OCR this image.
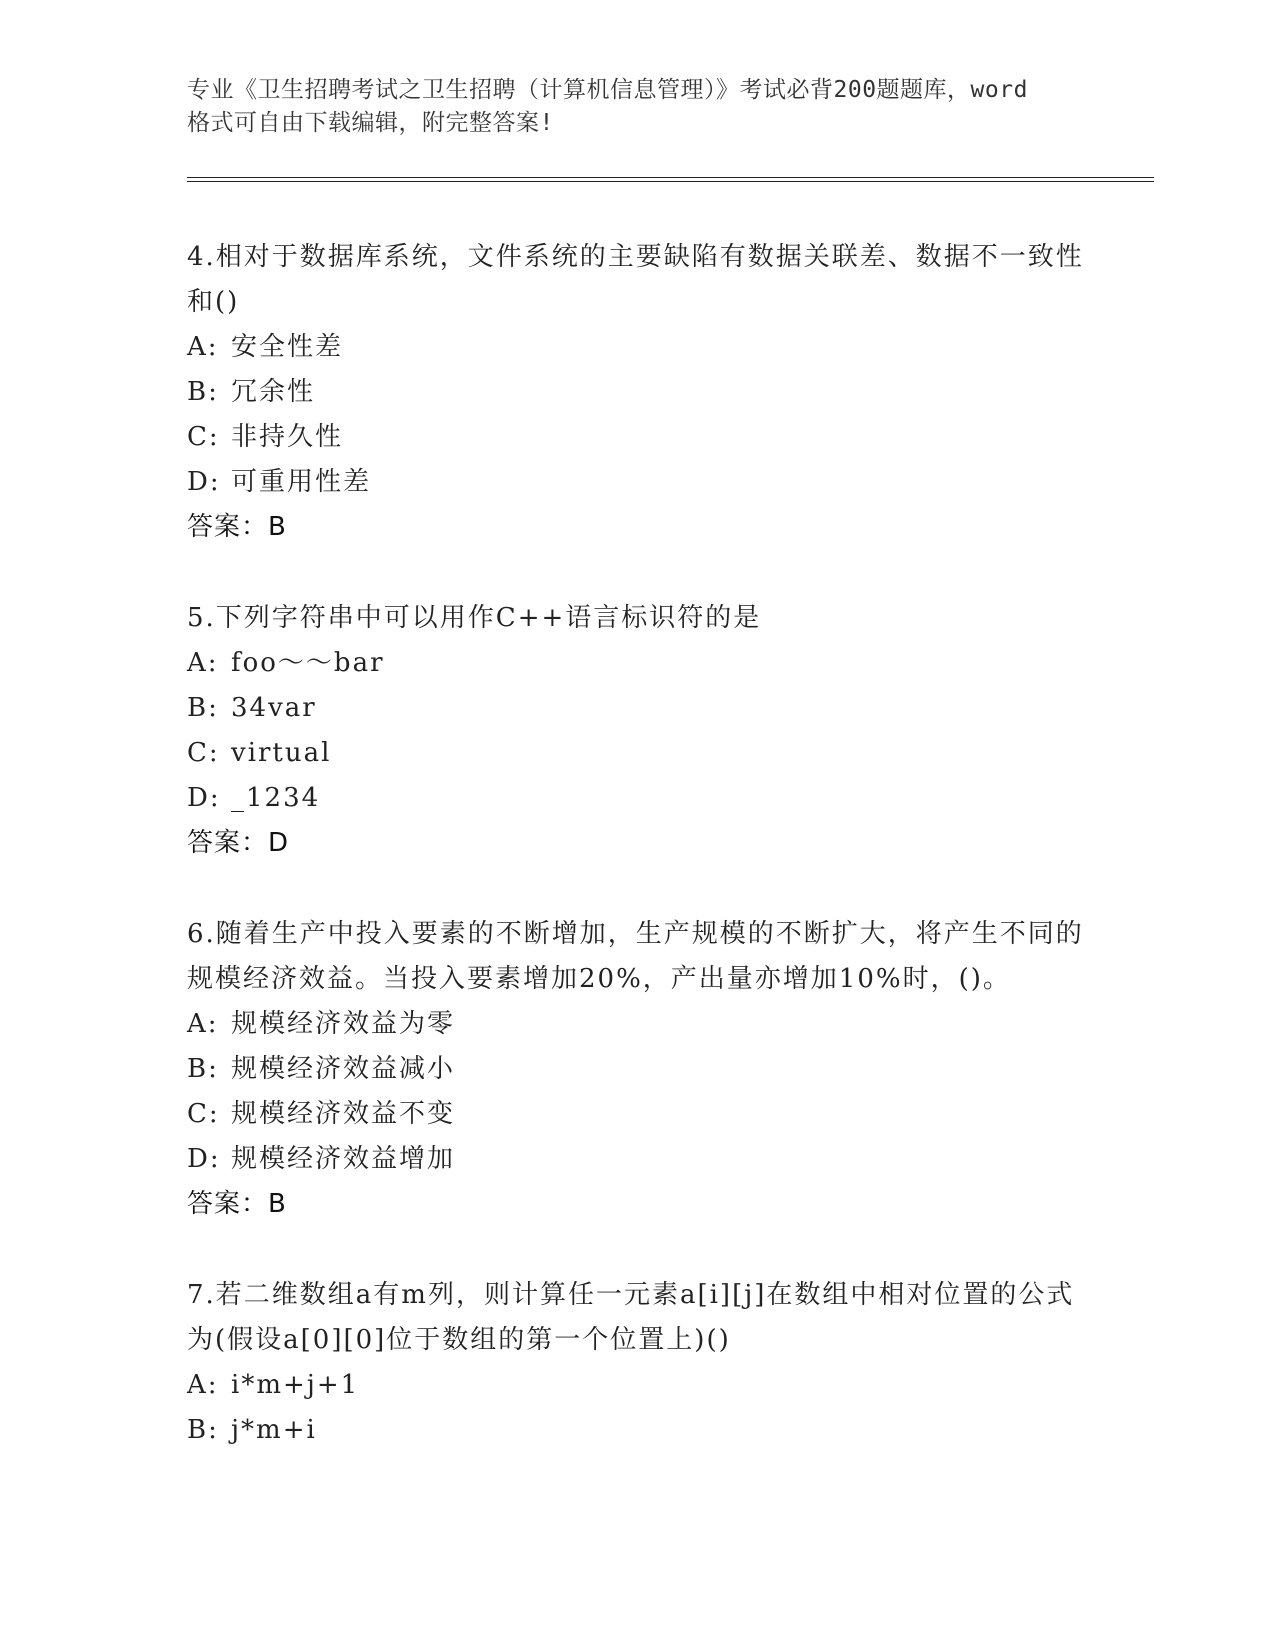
专业《卫生招聘考试之卫生招聘（计算机信息管理）》考试必背200题题库，word
格式可自由下载编辑，附完整答案!
4.相对于数据库系统，文件系统的主要缺陷有数据关联差、数据不一致性和()
A: 安全性差
B: 冗余性
C: 非持久性
D: 可重用性差
答案：B
5.下列字符串中可以用作C++语言标识符的是
A: foo～～bar
B: 34var
C: virtual
D: _1234
答案：D
6.随着生产中投入要素的不断增加，生产规模的不断扩大，将产生不同的规模经济效益。当投入要素增加20%，产出量亦增加10%时，()。
A: 规模经济效益为零
B: 规模经济效益减小
C: 规模经济效益不变
D: 规模经济效益增加
答案：B
7.若二维数组a有m列，则计算任一元素a[i][j]在数组中相对位置的公式为(假设a[0][0]位于数组的第一个位置上)()
A: i*m+j+1
B: j*m+i
